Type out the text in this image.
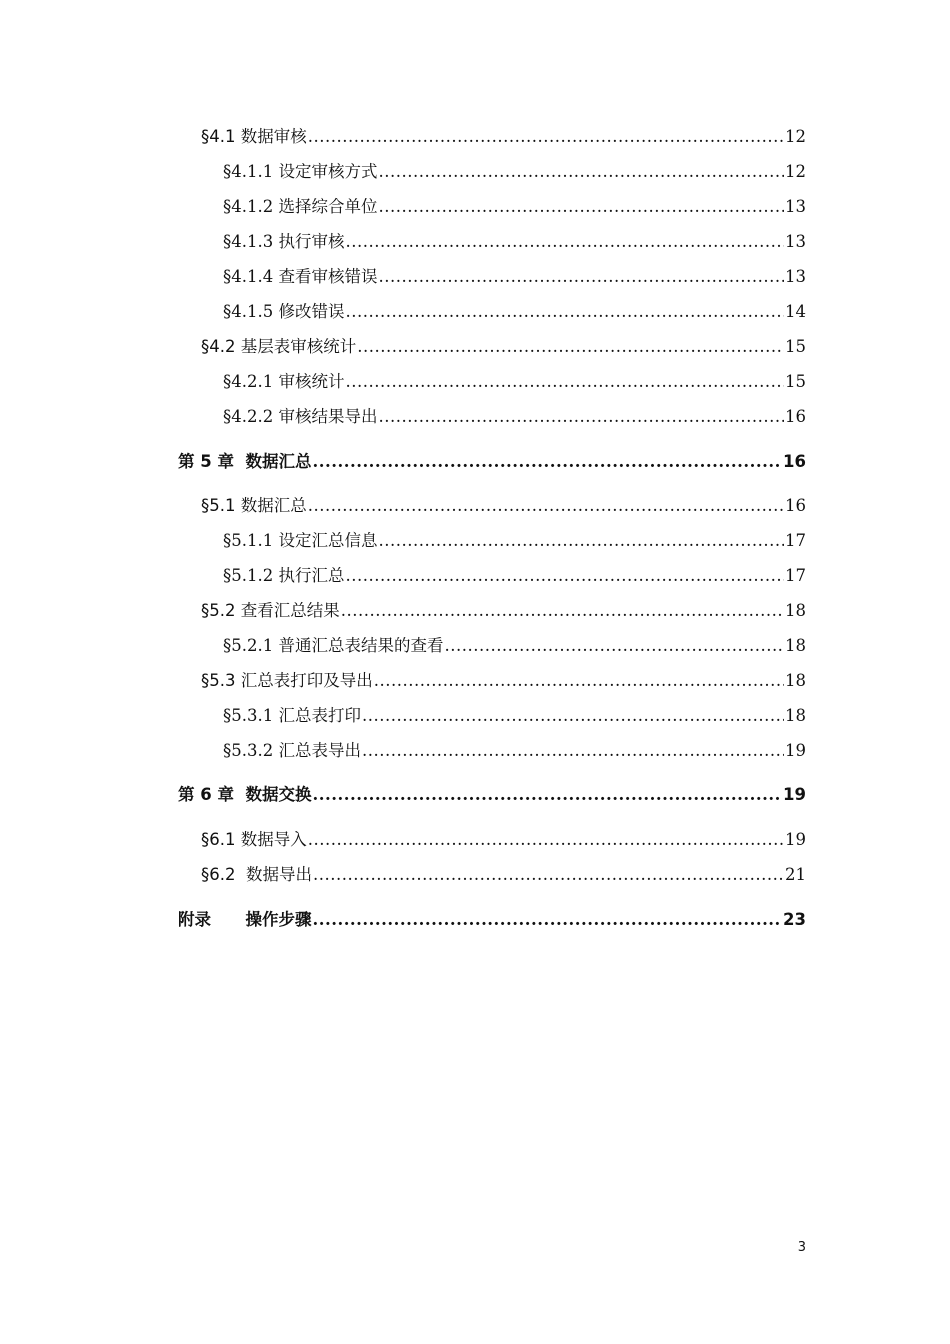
§4.1 数据审核 .....	12
§4.1.1 设定审核方式 .....	12
§4.1.2 选择综合单位 .....	13
§4.1.3 执行审核 .....	13
§4.1.4 查看审核错误 .....	13
§4.1.5 修改错误 .....	14
§4.2 基层表审核统计 .....	15
§4.2.1 审核统计 .....	15
§4.2.2 审核结果导出 .....	16
第 5 章 数据汇总 .....	16
§5.1 数据汇总 .....	16
§5.1.1 设定汇总信息 .....	17
§5.1.2 执行汇总 .....	17
§5.2 查看汇总结果 .....	18
§5.2.1 普通汇总表结果的查看 .....	18
§5.3 汇总表打印及导出 .....	18
§5.3.1 汇总表打印 .....	18
§5.3.2 汇总表导出 .....	19
第 6 章 数据交换 .....	19
§6.1 数据导入 .....	19
§6.2 数据导出 .....	21
附录 操作步骤 .....	23
3
